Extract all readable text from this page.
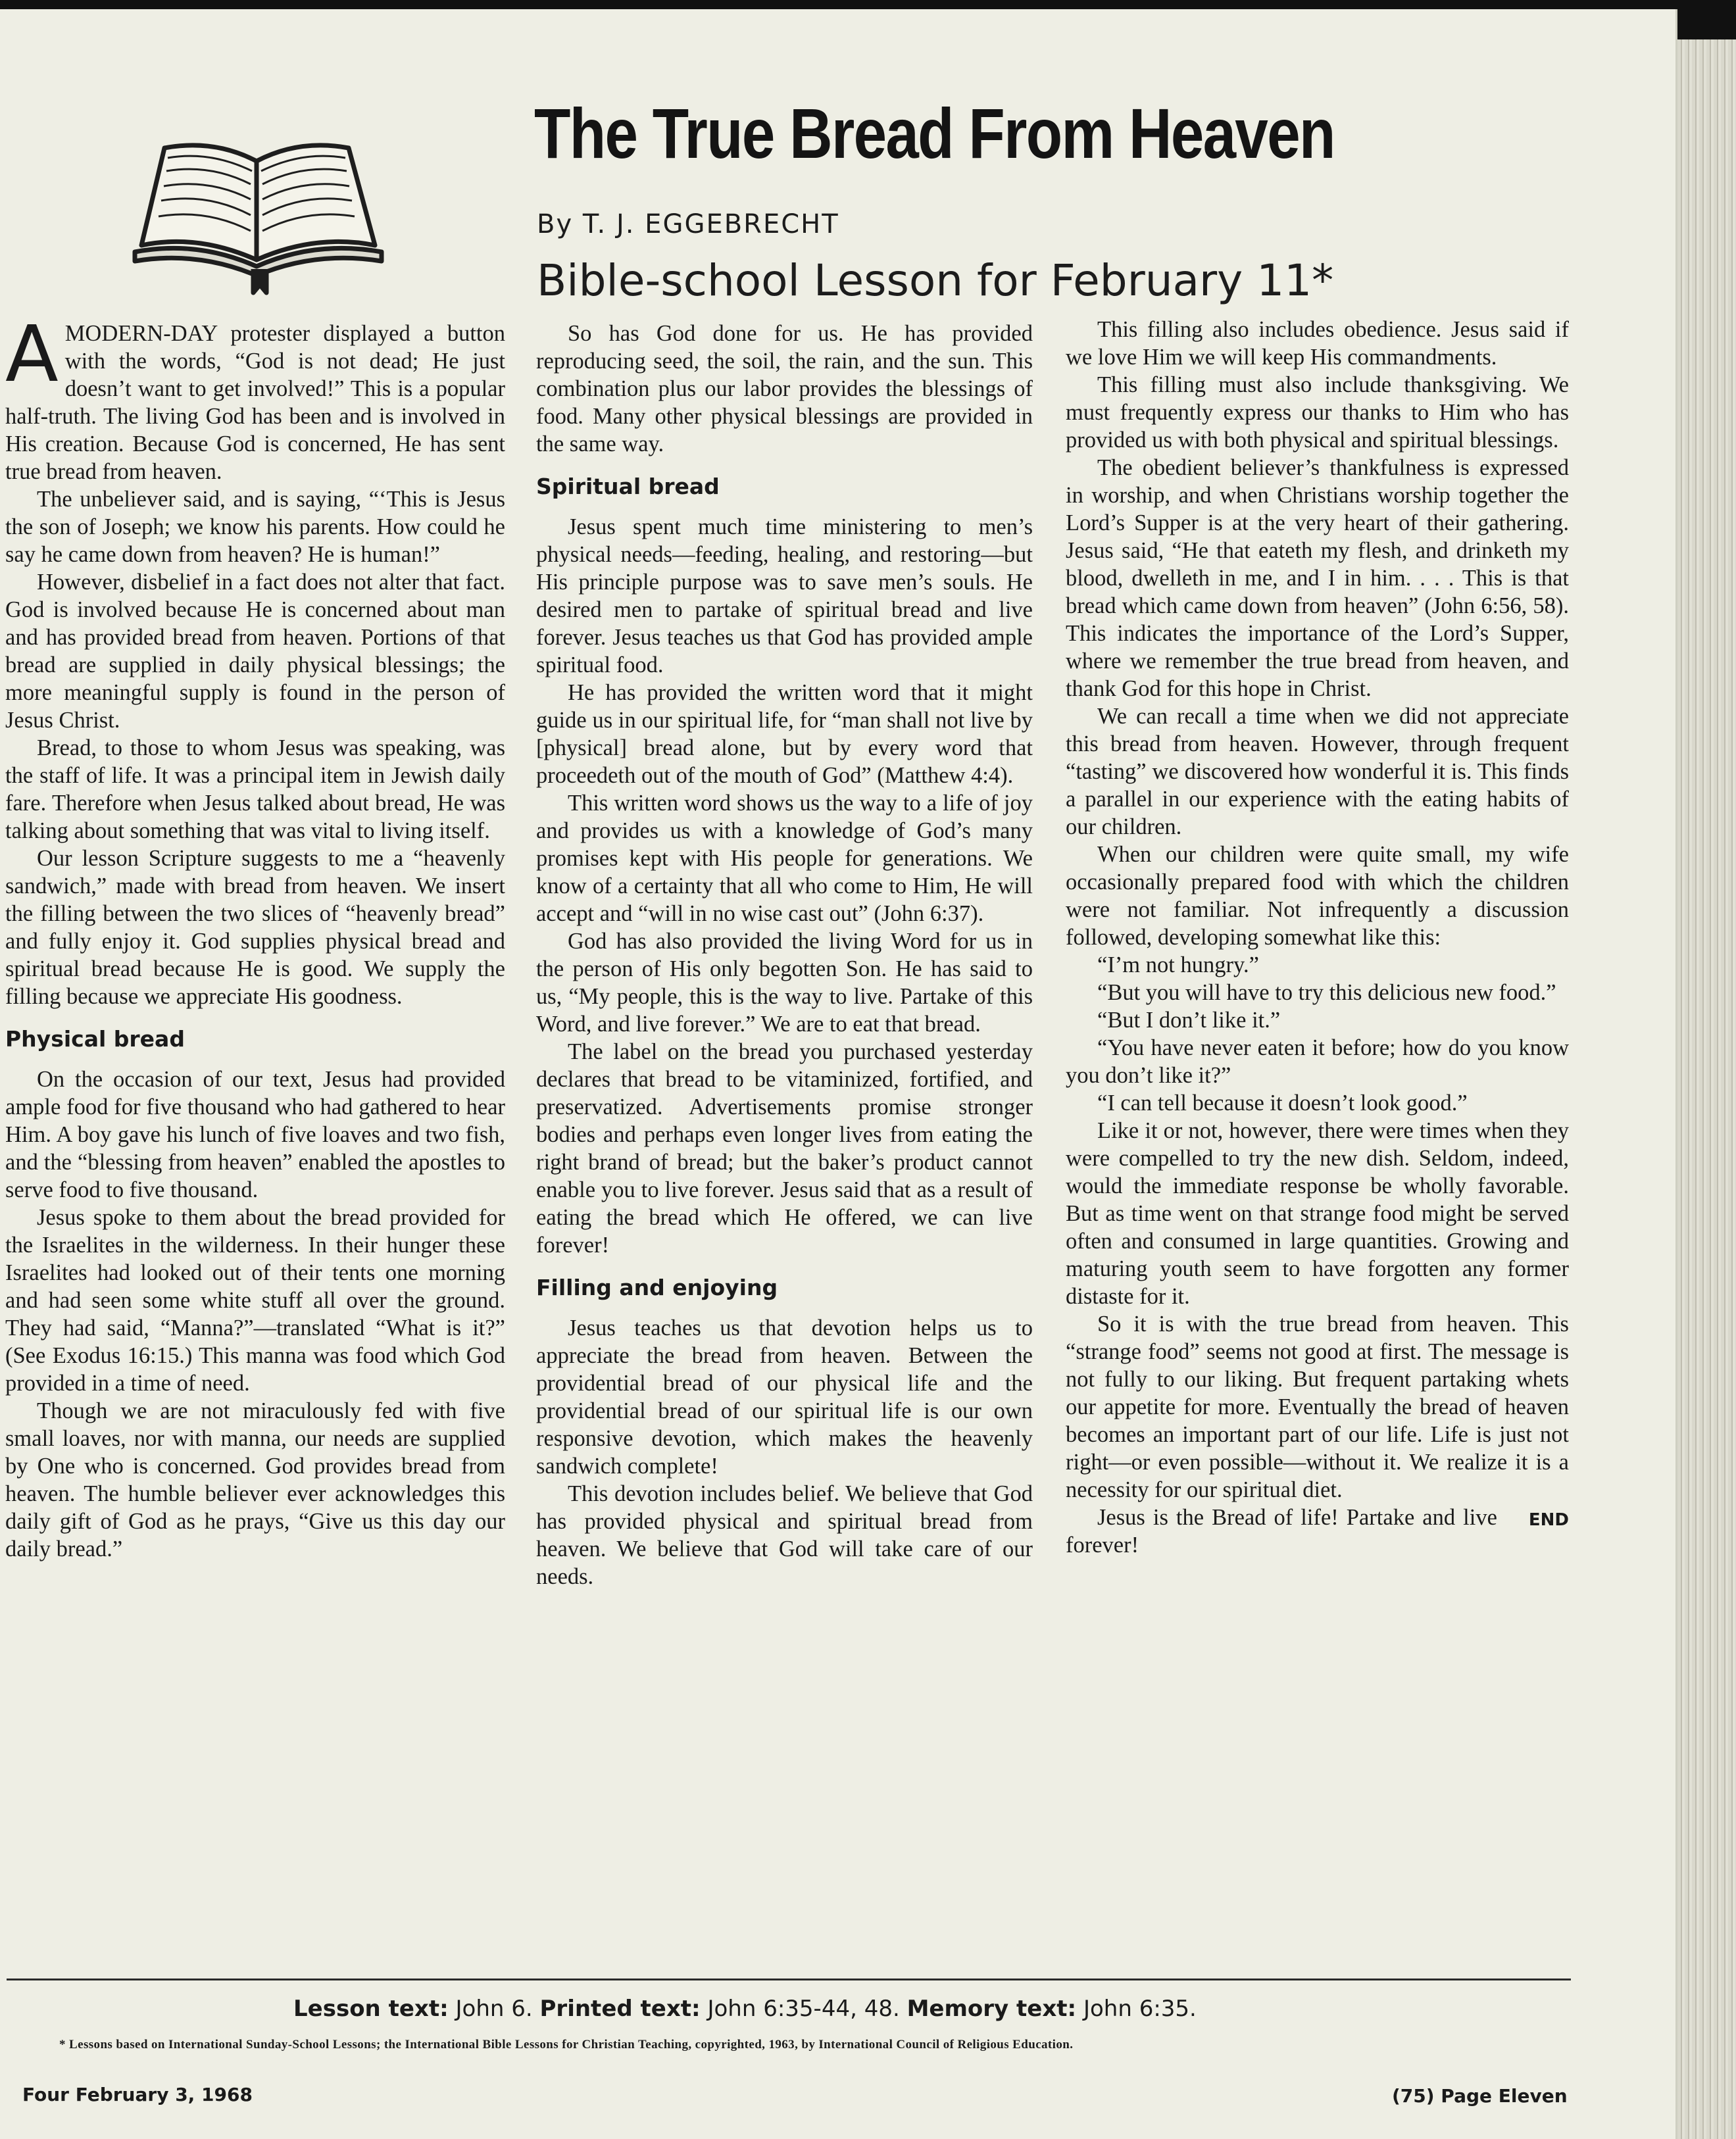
The True Bread From Heaven
By T. J. EGGEBRECHT
Bible-school Lesson for February 11*
A MODERN-DAY protester displayed a button with the words, “God is not dead; He just doesn’t want to get involved!” This is a popular half-truth. The living God has been and is involved in His creation. Because God is concerned, He has sent true bread from heaven.

The unbeliever said, and is saying, “‘This is Jesus the son of Joseph; we know his parents. How could he say he came down from heaven? He is human!”

However, disbelief in a fact does not alter that fact. God is involved because He is concerned about man and has provided bread from heaven. Portions of that bread are supplied in daily physical blessings; the more meaningful supply is found in the person of Jesus Christ.

Bread, to those to whom Jesus was speaking, was the staff of life. It was a principal item in Jewish daily fare. Therefore when Jesus talked about bread, He was talking about something that was vital to living itself.

Our lesson Scripture suggests to me a “heavenly sandwich,” made with bread from heaven. We insert the filling between the two slices of “heavenly bread” and fully enjoy it. God supplies physical bread and spiritual bread because He is good. We supply the filling because we appreciate His goodness.

Physical bread

On the occasion of our text, Jesus had provided ample food for five thousand who had gathered to hear Him. A boy gave his lunch of five loaves and two fish, and the “blessing from heaven” enabled the apostles to serve food to five thousand.

Jesus spoke to them about the bread provided for the Israelites in the wilderness. In their hunger these Israelites had looked out of their tents one morning and had seen some white stuff all over the ground. They had said, “Manna?”—translated “What is it?” (See Exodus 16:15.) This manna was food which God provided in a time of need.

Though we are not miraculously fed with five small loaves, nor with manna, our needs are supplied by One who is concerned. God provides bread from heaven. The humble believer ever acknowledges this daily gift of God as he prays, “Give us this day our daily bread.”

So has God done for us. He has provided reproducing seed, the soil, the rain, and the sun. This combination plus our labor provides the blessings of food. Many other physical blessings are provided in the same way.

Spiritual bread

Jesus spent much time ministering to men’s physical needs—feeding, healing, and restoring—but His principle purpose was to save men’s souls. He desired men to partake of spiritual bread and live forever. Jesus teaches us that God has provided ample spiritual food.

He has provided the written word that it might guide us in our spiritual life, for “man shall not live by [physical] bread alone, but by every word that proceedeth out of the mouth of God” (Matthew 4:4).

This written word shows us the way to a life of joy and provides us with a knowledge of God’s many promises kept with His people for generations. We know of a certainty that all who come to Him, He will accept and “will in no wise cast out” (John 6:37).

God has also provided the living Word for us in the person of His only begotten Son. He has said to us, “My people, this is the way to live. Partake of this Word, and live forever.” We are to eat that bread.

The label on the bread you purchased yesterday declares that bread to be vitaminized, fortified, and preservatized. Advertisements promise stronger bodies and perhaps even longer lives from eating the right brand of bread; but the baker’s product cannot enable you to live forever. Jesus said that as a result of eating the bread which He offered, we can live forever!

Filling and enjoying

Jesus teaches us that devotion helps us to appreciate the bread from heaven. Between the providential bread of our physical life and the providential bread of our spiritual life is our own responsive devotion, which makes the heavenly sandwich complete!

This devotion includes belief. We believe that God has provided physical and spiritual bread from heaven. We believe that God will take care of our needs.

This filling also includes obedience. Jesus said if we love Him we will keep His commandments.

This filling must also include thanksgiving. We must frequently express our thanks to Him who has provided us with both physical and spiritual blessings.

The obedient believer’s thankfulness is expressed in worship, and when Christians worship together the Lord’s Supper is at the very heart of their gathering. Jesus said, “He that eateth my flesh, and drinketh my blood, dwelleth in me, and I in him. . . . This is that bread which came down from heaven” (John 6:56, 58). This indicates the importance of the Lord’s Supper, where we remember the true bread from heaven, and thank God for this hope in Christ.

We can recall a time when we did not appreciate this bread from heaven. However, through frequent “tasting” we discovered how wonderful it is. This finds a parallel in our experience with the eating habits of our children.

When our children were quite small, my wife occasionally prepared food with which the children were not familiar. Not infrequently a discussion followed, developing somewhat like this:

“I’m not hungry.”

“But you will have to try this delicious new food.”

“But I don’t like it.”

“You have never eaten it before; how do you know you don’t like it?”

“I can tell because it doesn’t look good.”

Like it or not, however, there were times when they were compelled to try the new dish. Seldom, indeed, would the immediate response be wholly favorable. But as time went on that strange food might be served often and consumed in large quantities. Growing and maturing youth seem to have forgotten any former distaste for it.

So it is with the true bread from heaven. This “strange food” seems not good at first. The message is not fully to our liking. But frequent partaking whets our appetite for more. Eventually the bread of heaven becomes an important part of our life. Life is just not right—or even possible—without it. We realize it is a necessity for our spiritual diet.

END
Jesus is the Bread of life! Partake and live forever!

Lesson text: John 6. Printed text: John 6:35-44, 48. Memory text: John 6:35.
* Lessons based on International Sunday-School Lessons; the International Bible Lessons for Christian Teaching, copyrighted, 1963, by International Council of Religious Education.
Four February 3, 1968	(75) Page Eleven
